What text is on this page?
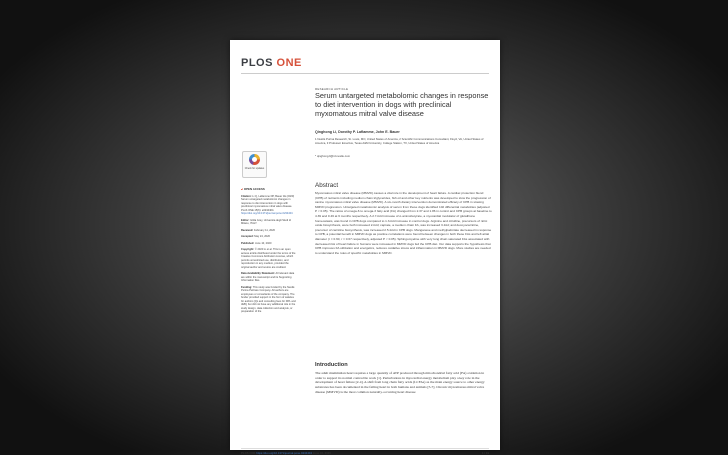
PLOS ONE
RESEARCH ARTICLE
Serum untargeted metabolomic changes in response to diet intervention in dogs with preclinical myxomatous mitral valve disease
Qinghong Li, Dorothy P. Laflamme, John E. Bauer
1 Nestlé Purina Research, St. Louis, MO, United States of America, 2 Scientific Communications Consultant, Floyd, VA, United States of America, 3 Professor Emeritus, Texas A&M University, College Station, TX, United States of America
* qinghong.li@rd.nestle.com
Check for updates
🔓︎OPEN ACCESS
Citation: Li Q, Laflamme DP, Bauer JE (2020) Serum untargeted metabolomic changes in response to diet intervention in dogs with preclinical myxomatous mitral valve disease. PLoS ONE 15(6): e0234404. https://doi.org/10.1371/journal.pone.0234404
Editor: Gilda Grey, Universita degli Studi di Milano, ITALY
Received: February 11, 2020
Accepted: May 24, 2020
Published: June 10, 2020
Copyright: © 2020 Li et al. This is an open access article distributed under the terms of the Creative Commons Attribution License, which permits unrestricted use, distribution, and reproduction in any medium, provided the original author and source are credited.
Data Availability Statement: All relevant data are within the manuscript and its Supporting Information files.
Funding: This study was funded by the Nestlé Purina PetCare Company. All authors are employees or consultants of the company. The funder provided support in the form of salaries for authors [QL and consulting fees for DPL and JEB], but did not have any additional role in the study design, data collection and analysis, or preparation of the
Abstract
Myxomatous mitral valve disease (MMVD) causes a vital role in the development of heart failure. A cardiac protection blend (CPB) of nutrients including medium chain triglycerides, fish oil and other key nutrients was developed to slow the progression of canine myxomatous mitral valve disease (MMVD). A six-month dietary intervention demonstrated efficacy of CPB in slowing MMVD progression. Untargeted metabolomic analysis of serum from these dogs identified 102 differential metabolites (adjusted P < 0.05). The ratios of omega-6 to omega-3 fatty acid (FA) changed from 2.37 and 1.86 in control and CPB groups at baseline to 4.39 and 0.46 at 6 months respectively. A 2.7-fold increase of α-aminobutyrate, a myocardial modulator of glutathione homeostasis, was found in CPB dogs compared to 1.3-fold increase in control dogs. Arginine and citrulline, precursors of nitric oxide biosynthesis, were both increased 2-fold; caprate, a medium chain FA, was increased 3-fold; and decoyocarnitine, precursor of carnitine biosynthesis, was increased 2.5-fold in CPB dogs. Manganese and methylpalmitate decreased in response to CPB, a potential benefit in MMVD dogs as positive correlations were found between changes in both these FAs and left atrial diameter (r = 0.60, r = 0.67 respectively, adjusted P < 0.05). Sphingomyeline with very long chain saturated FAs associated with decreased risk of heart failure in humans were increased in MMVD dogs fed the CPB diet. Our data supports the hypothesis that CPB improves FA utilization and energetics, reduces oxidative stress and inflammation in MMVD dogs. More studies are needed to understand the roles of specific metabolites in MMVD.
Introduction
The adult mammalian heart requires a large quantity of ATP produced through mitochondrial fatty acid (FA) oxidation in order to support its normal contractile work [1]. Perturbations in myocardial energy metabolism play a key role in the development of heart failure [2-4]. A shift from long chain fatty acids (LCFAs) as the main energy source to other energy substrates has been documented in the failing heart in both humans and animals [5-7]. Chronic myxomatous mitral valve disease (MMVD) is the most common naturally-occurring heart disease
PLOS ONE https://doi.org/10.1371/journal.pone.0234404 June 10, 2020	1 / 19
